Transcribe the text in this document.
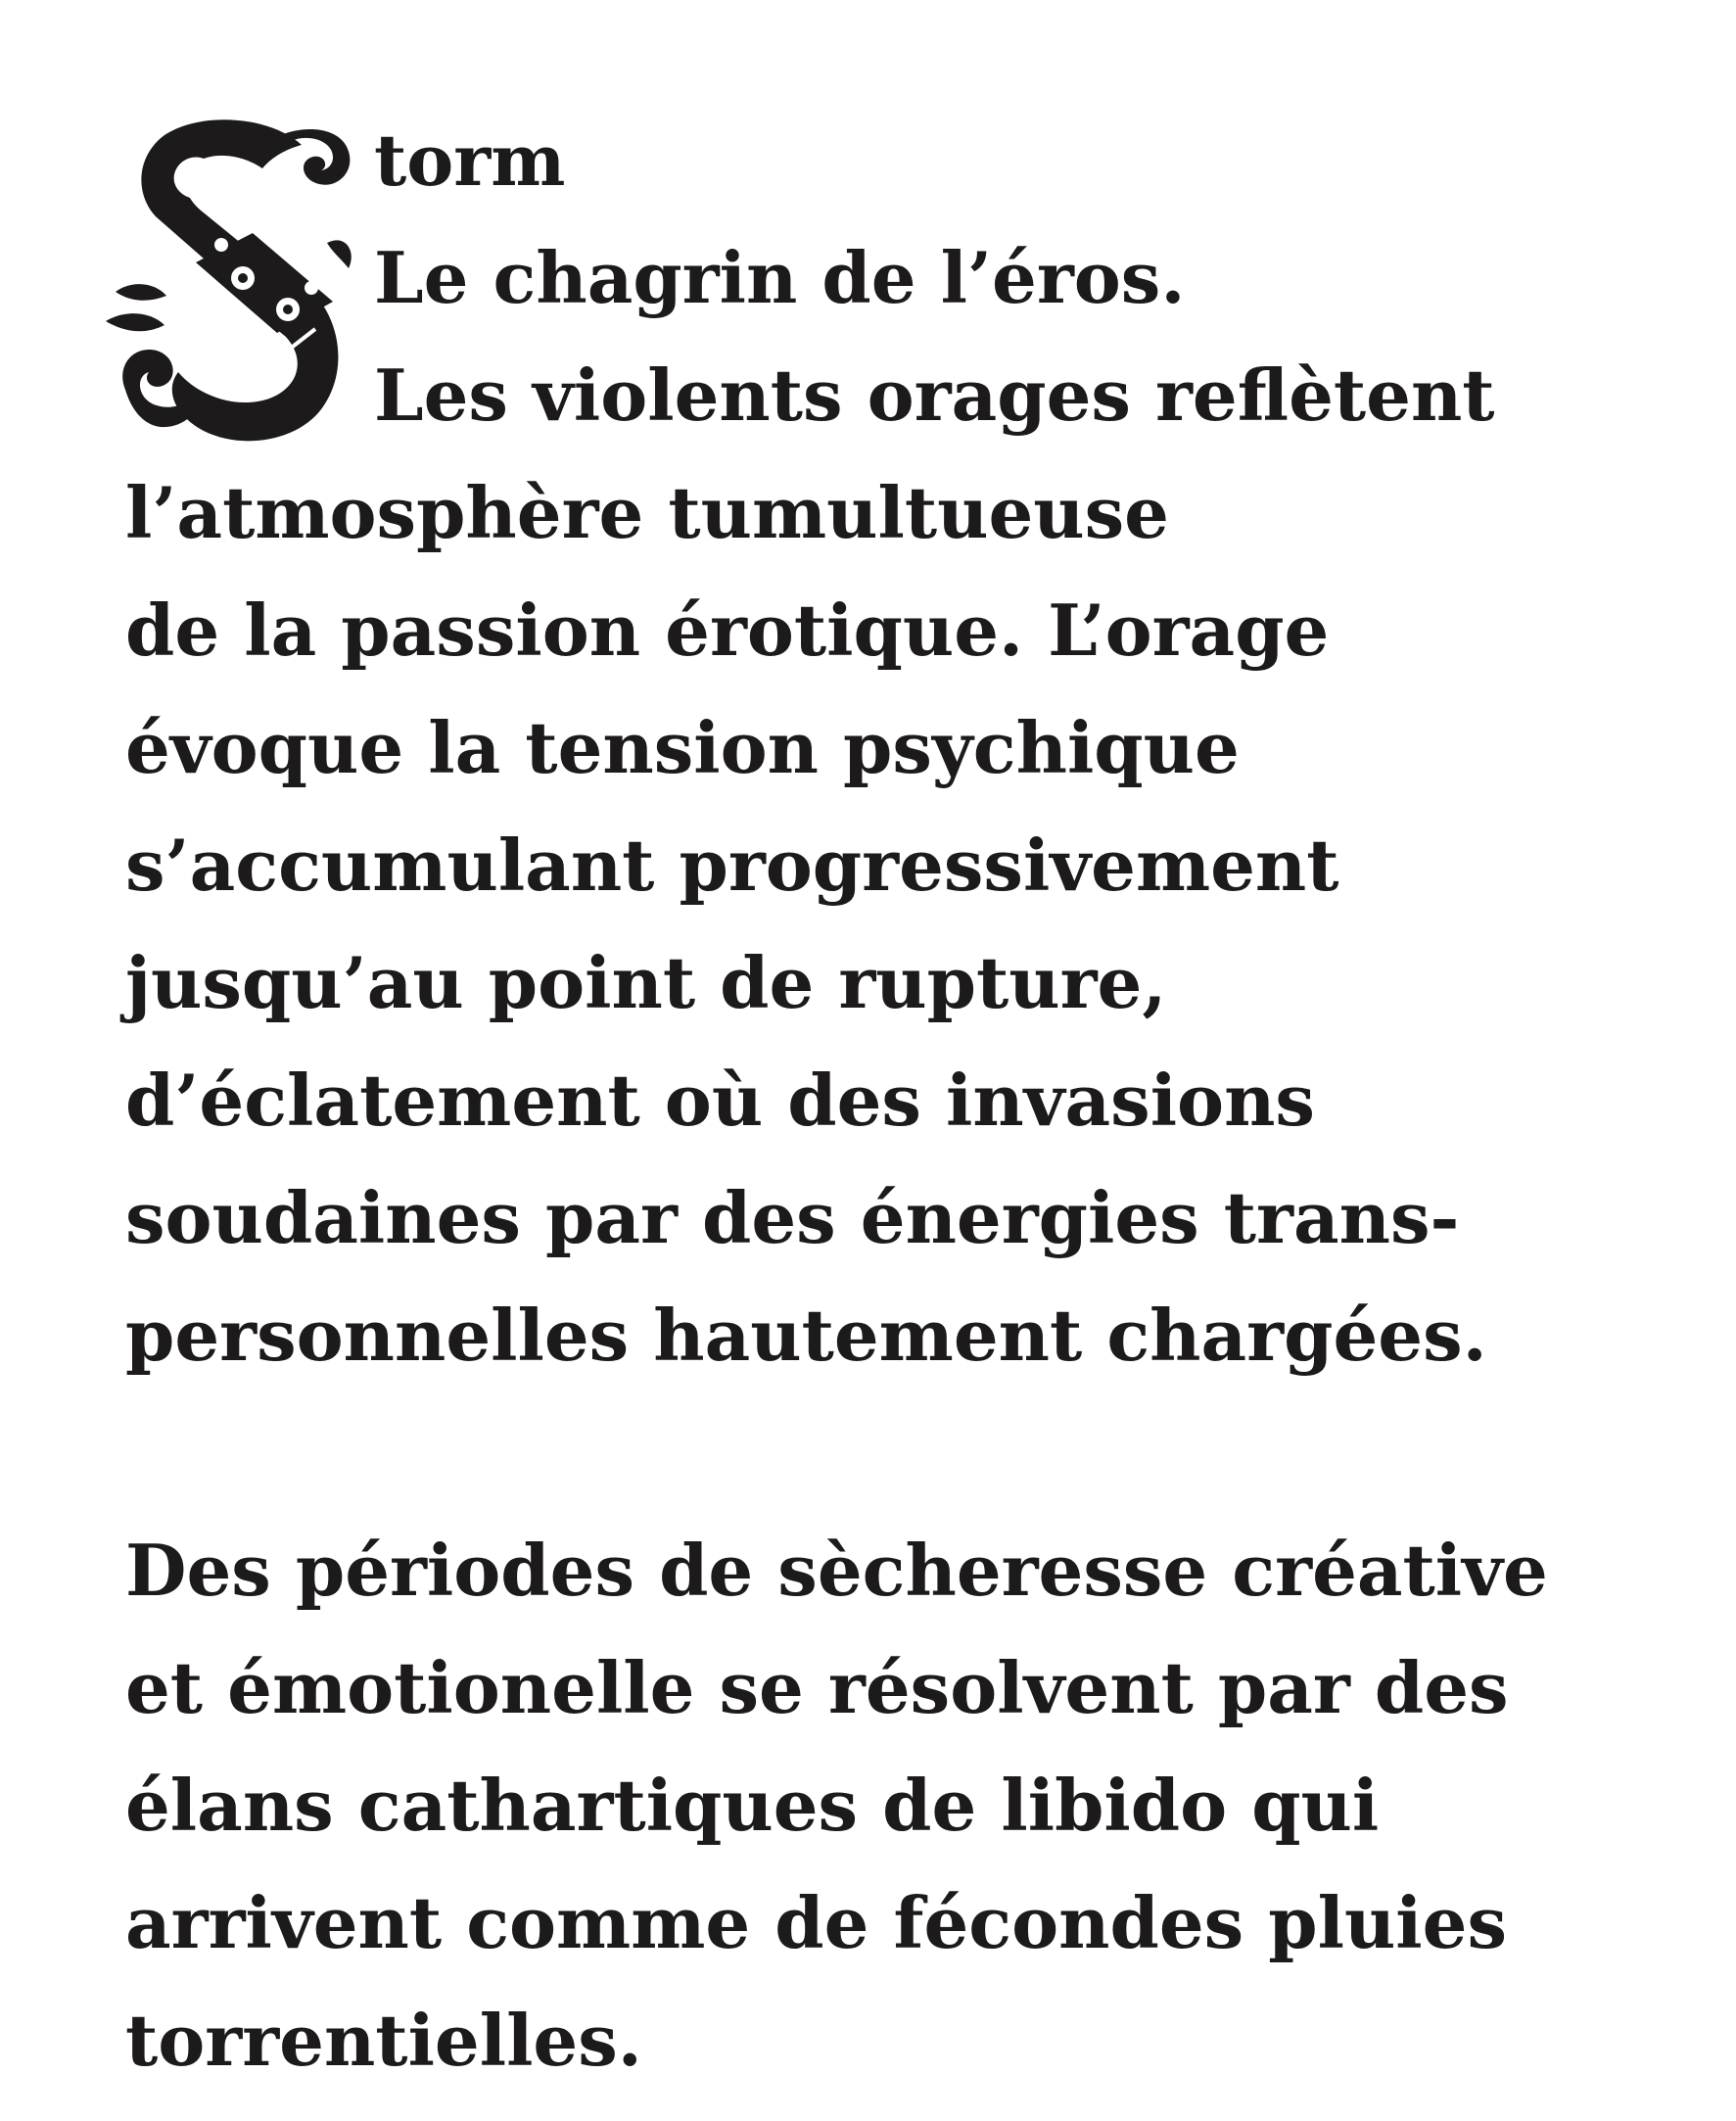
torm
Le chagrin de l’éros.
Les violents orages reflètent
l’atmosphère tumultueuse
de la passion érotique. L’orage
évoque la tension psychique
s’accumulant progressivement
jusqu’au point de rupture,
d’éclatement où des invasions
soudaines par des énergies trans-
personnelles hautement chargées.
Des périodes de sècheresse créative
et émotionelle se résolvent par des
élans cathartiques de libido qui
arrivent comme de fécondes pluies
torrentielles.
